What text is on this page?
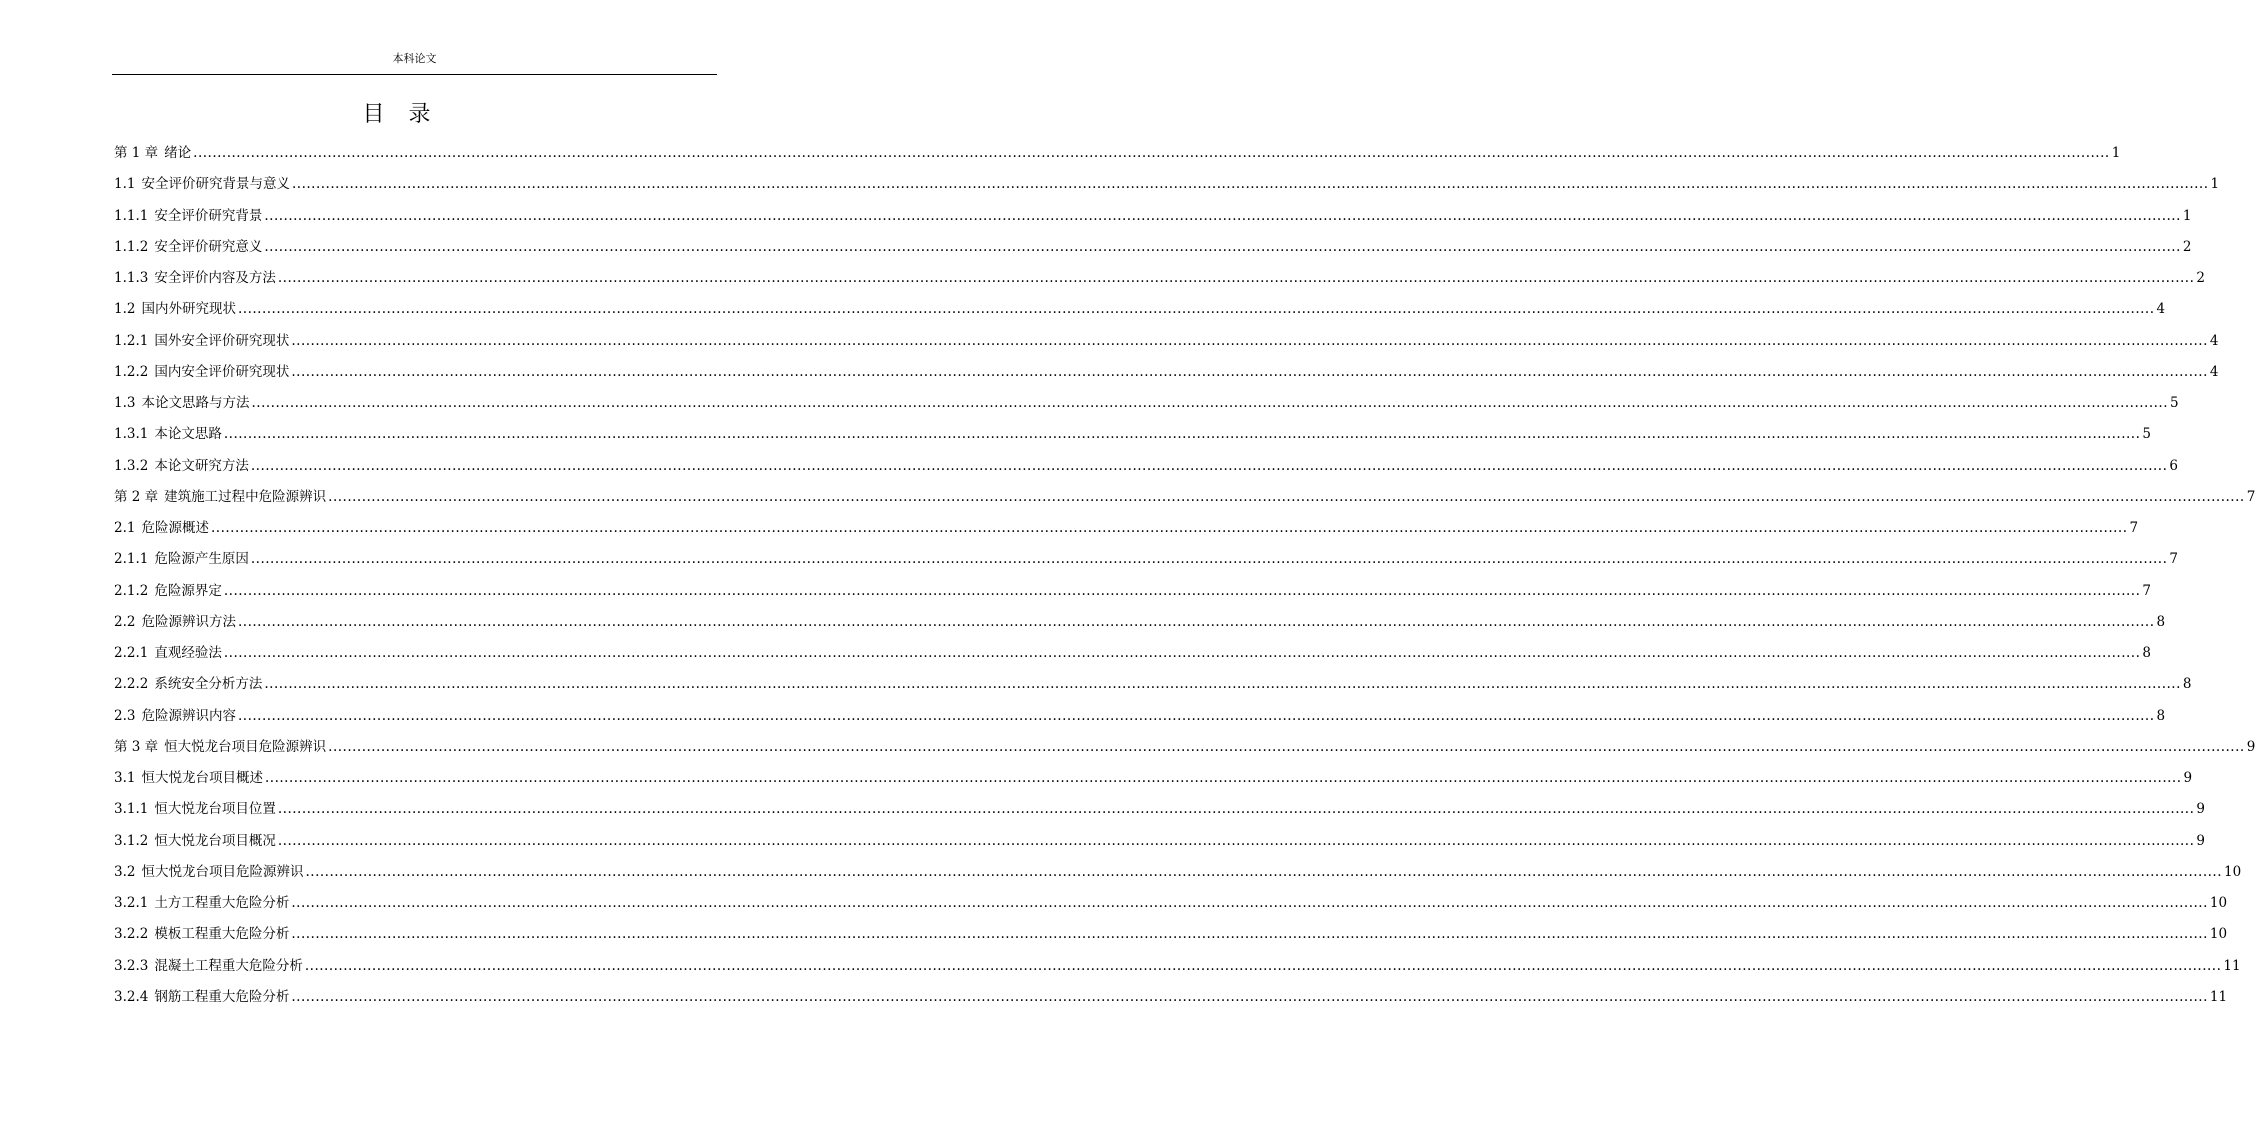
本科论文
目 录
第 1 章 绪论 ................................................................................................................................................................................................................................................................................................................................................................................................................ 1
1.1 安全评价研究背景与意义 ................................................................................................................................................................................................................................................................................................................................................................................................................ 1
1.1.1 安全评价研究背景 ................................................................................................................................................................................................................................................................................................................................................................................................................ 1
1.1.2 安全评价研究意义 ................................................................................................................................................................................................................................................................................................................................................................................................................ 2
1.1.3 安全评价内容及方法 ................................................................................................................................................................................................................................................................................................................................................................................................................ 2
1.2 国内外研究现状 ................................................................................................................................................................................................................................................................................................................................................................................................................ 4
1.2.1 国外安全评价研究现状 ................................................................................................................................................................................................................................................................................................................................................................................................................ 4
1.2.2 国内安全评价研究现状 ................................................................................................................................................................................................................................................................................................................................................................................................................ 4
1.3 本论文思路与方法 ................................................................................................................................................................................................................................................................................................................................................................................................................ 5
1.3.1 本论文思路 ................................................................................................................................................................................................................................................................................................................................................................................................................ 5
1.3.2 本论文研究方法 ................................................................................................................................................................................................................................................................................................................................................................................................................ 6
第 2 章 建筑施工过程中危险源辨识 ................................................................................................................................................................................................................................................................................................................................................................................................................ 7
2.1 危险源概述 ................................................................................................................................................................................................................................................................................................................................................................................................................ 7
2.1.1 危险源产生原因 ................................................................................................................................................................................................................................................................................................................................................................................................................ 7
2.1.2 危险源界定 ................................................................................................................................................................................................................................................................................................................................................................................................................ 7
2.2 危险源辨识方法 ................................................................................................................................................................................................................................................................................................................................................................................................................ 8
2.2.1 直观经验法 ................................................................................................................................................................................................................................................................................................................................................................................................................ 8
2.2.2 系统安全分析方法 ................................................................................................................................................................................................................................................................................................................................................................................................................ 8
2.3 危险源辨识内容 ................................................................................................................................................................................................................................................................................................................................................................................................................ 8
第 3 章 恒大悦龙台项目危险源辨识 ................................................................................................................................................................................................................................................................................................................................................................................................................ 9
3.1 恒大悦龙台项目概述 ................................................................................................................................................................................................................................................................................................................................................................................................................ 9
3.1.1 恒大悦龙台项目位置 ................................................................................................................................................................................................................................................................................................................................................................................................................ 9
3.1.2 恒大悦龙台项目概况 ................................................................................................................................................................................................................................................................................................................................................................................................................ 9
3.2 恒大悦龙台项目危险源辨识 ................................................................................................................................................................................................................................................................................................................................................................................................................ 10
3.2.1 土方工程重大危险分析 ................................................................................................................................................................................................................................................................................................................................................................................................................ 10
3.2.2 模板工程重大危险分析 ................................................................................................................................................................................................................................................................................................................................................................................................................ 10
3.2.3 混凝土工程重大危险分析 ................................................................................................................................................................................................................................................................................................................................................................................................................ 11
3.2.4 钢筋工程重大危险分析 ................................................................................................................................................................................................................................................................................................................................................................................................................ 11
